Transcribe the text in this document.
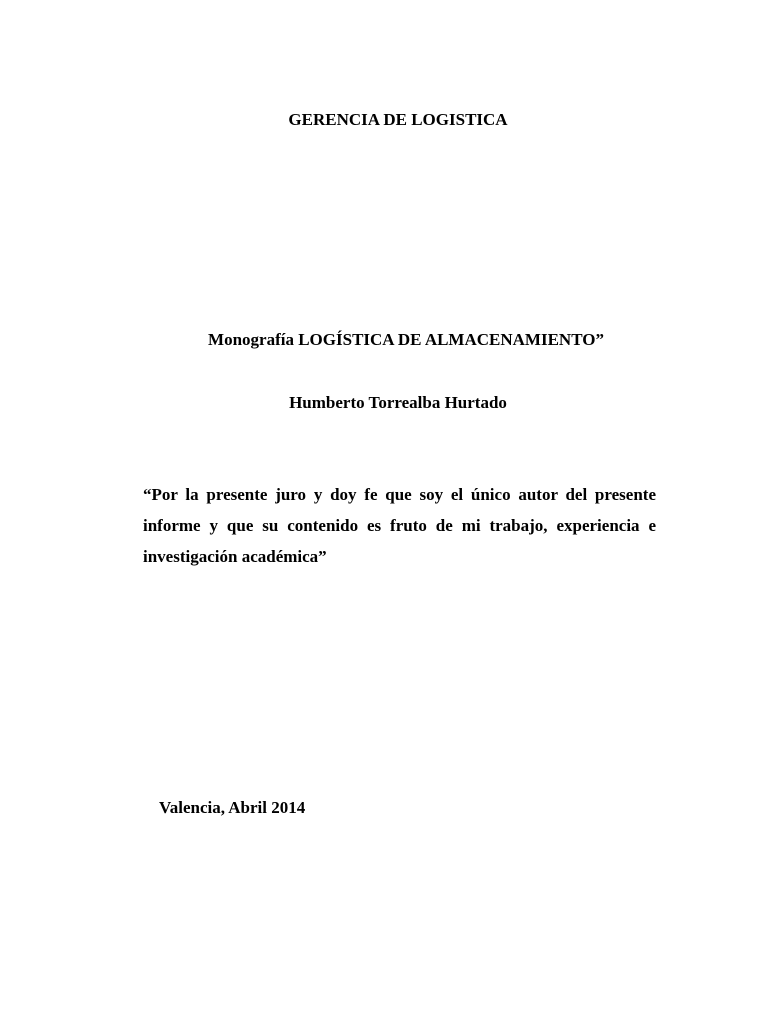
GERENCIA DE LOGISTICA
Monografía LOGÍSTICA DE ALMACENAMIENTO”
Humberto Torrealba Hurtado
“Por la presente juro y doy fe que soy el único autor del presente
informe y que su contenido es fruto de mi trabajo, experiencia e
investigación académica”
Valencia, Abril 2014
